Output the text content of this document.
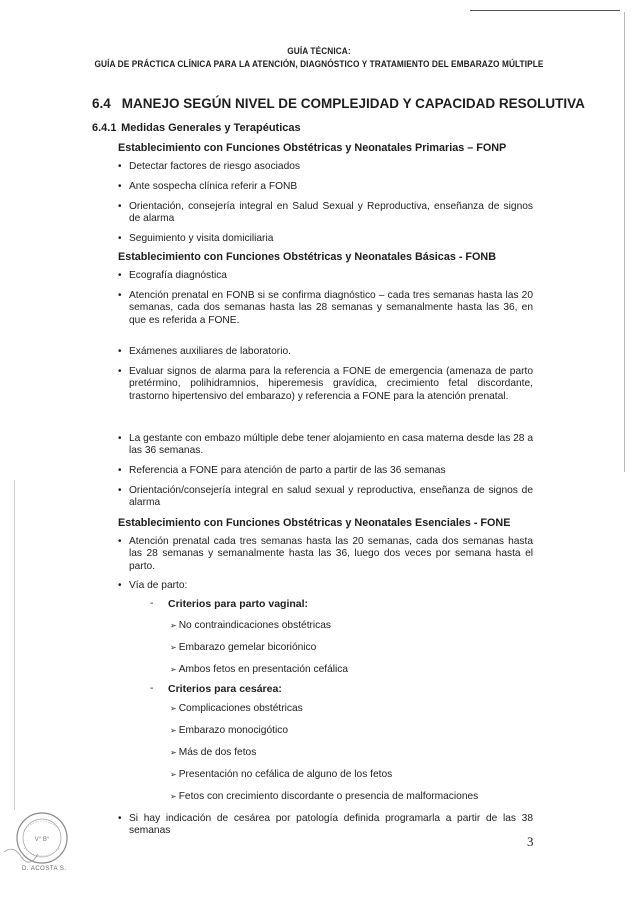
GUÍA TÉCNICA:
GUÍA DE PRÁCTICA CLÍNICA PARA LA ATENCIÓN, DIAGNÓSTICO Y TRATAMIENTO DEL EMBARAZO MÚLTIPLE
6.4 MANEJO SEGÚN NIVEL DE COMPLEJIDAD Y CAPACIDAD RESOLUTIVA
6.4.1 Medidas Generales y Terapéuticas
Establecimiento con Funciones Obstétricas y Neonatales Primarias – FONP
• Detectar factores de riesgo asociados
• Ante sospecha clínica referir a FONB
• Orientación, consejería integral en Salud Sexual y Reproductiva, enseñanza de signos de alarma
• Seguimiento y visita domiciliaria
Establecimiento con Funciones Obstétricas y Neonatales Básicas - FONB
• Ecografía diagnóstica
• Atención prenatal en FONB si se confirma diagnóstico – cada tres semanas hasta las 20 semanas, cada dos semanas hasta las 28 semanas y semanalmente hasta las 36, en que es referida a FONE.
• Exámenes auxiliares de laboratorio.
• Evaluar signos de alarma para la referencia a FONE de emergencia (amenaza de parto pretérmino, polihidramnios, hiperemesis gravídica, crecimiento fetal discordante, trastorno hipertensivo del embarazo) y referencia a FONE para la atención prenatal.
• La gestante con embazo múltiple debe tener alojamiento en casa materna desde las 28 a las 36 semanas.
• Referencia a FONE para atención de parto a partir de las 36 semanas
• Orientación/consejería integral en salud sexual y reproductiva, enseñanza de signos de alarma
Establecimiento con Funciones Obstétricas y Neonatales Esenciales - FONE
• Atención prenatal cada tres semanas hasta las 20 semanas, cada dos semanas hasta las 28 semanas y semanalmente hasta las 36, luego dos veces por semana hasta el parto.
• Vía de parto:
- Criterios para parto vaginal:
➢ No contraindicaciones obstétricas
➢ Embarazo gemelar bicoriónico
➢ Ambos fetos en presentación cefálica
- Criterios para cesárea:
➢ Complicaciones obstétricas
➢ Embarazo monocigótico
➢ Más de dos fetos
➢ Presentación no cefálica de alguno de los fetos
➢ Fetos con crecimiento discordante o presencia de malformaciones
• Si hay indicación de cesárea por patología definida programarla a partir de las 38 semanas
3
V° B°
D. ACOSTA S.
